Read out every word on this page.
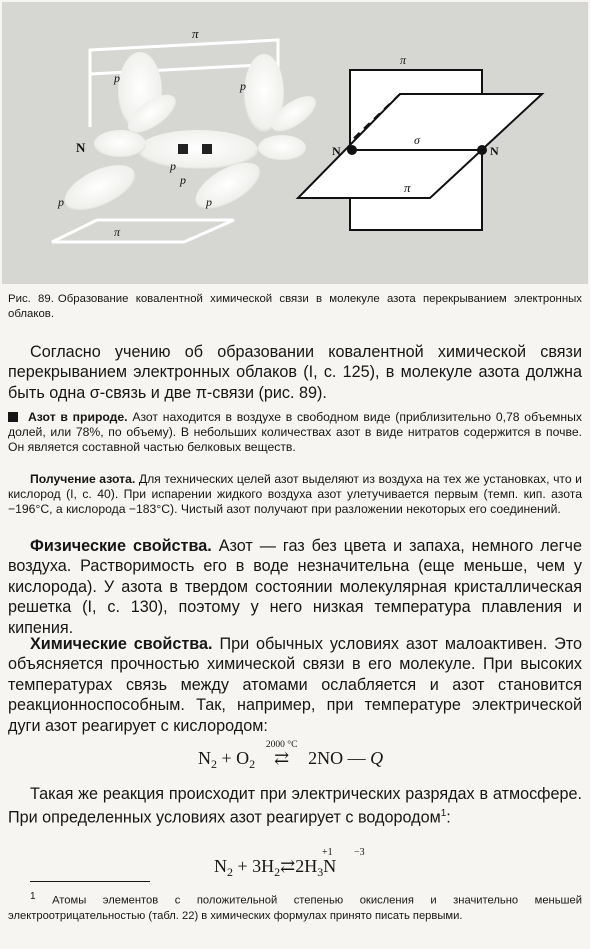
π
p
p
p
p
p	p
N
π
π
σ
π
N	N
Рис. 89. Образование ковалентной химической связи в молекуле азота перекрыванием электронных облаков.
Согласно учению об образовании ковалентной химической связи перекрыванием электронных облаков (I, с. 125), в молекуле азота должна быть одна σ-связь и две π-связи (рис. 89).
Азот в природе. Азот находится в воздухе в свободном виде (приблизительно 0,78 объемных долей, или 78%, по объему). В небольших количествах азот в виде нитратов содержится в почве. Он является составной частью белковых веществ.
Получение азота. Для технических целей азот выделяют из воздуха на тех же установках, что и кислород (I, с. 40). При испарении жидкого воздуха азот улетучивается первым (темп. кип. азота −196°C, а кислорода −183°C). Чистый азот получают при разложении некоторых его соединений.
Физические свойства. Азот — газ без цвета и запаха, немного легче воздуха. Растворимость его в воде незначительна (еще меньше, чем у кислорода). У азота в твердом состоянии молекулярная кристаллическая решетка (I, с. 130), поэтому у него низкая температура плавления и кипения.
Химические свойства. При обычных условиях азот малоактивен. Это объясняется прочностью химической связи в его молекуле. При высоких температурах связь между атомами ослабляется и азот становится реакционноспособным. Так, например, при температуре электрической дуги азот реагирует с кислородом:
$N_2 + O_2$
2000 °C
⇄ 2NO — Q
Такая же реакция происходит при электрических разрядах в атмосфере. При определенных условиях азот реагирует с водородом$^1$:
+1 −3
$N_2$ + $3H_2⇄2H_3N$
$^1$ Атомы элементов с положительной степенью окисления и значительно меньшей электроотрицательностью (табл. 22) в химических формулах принято писать первыми.
